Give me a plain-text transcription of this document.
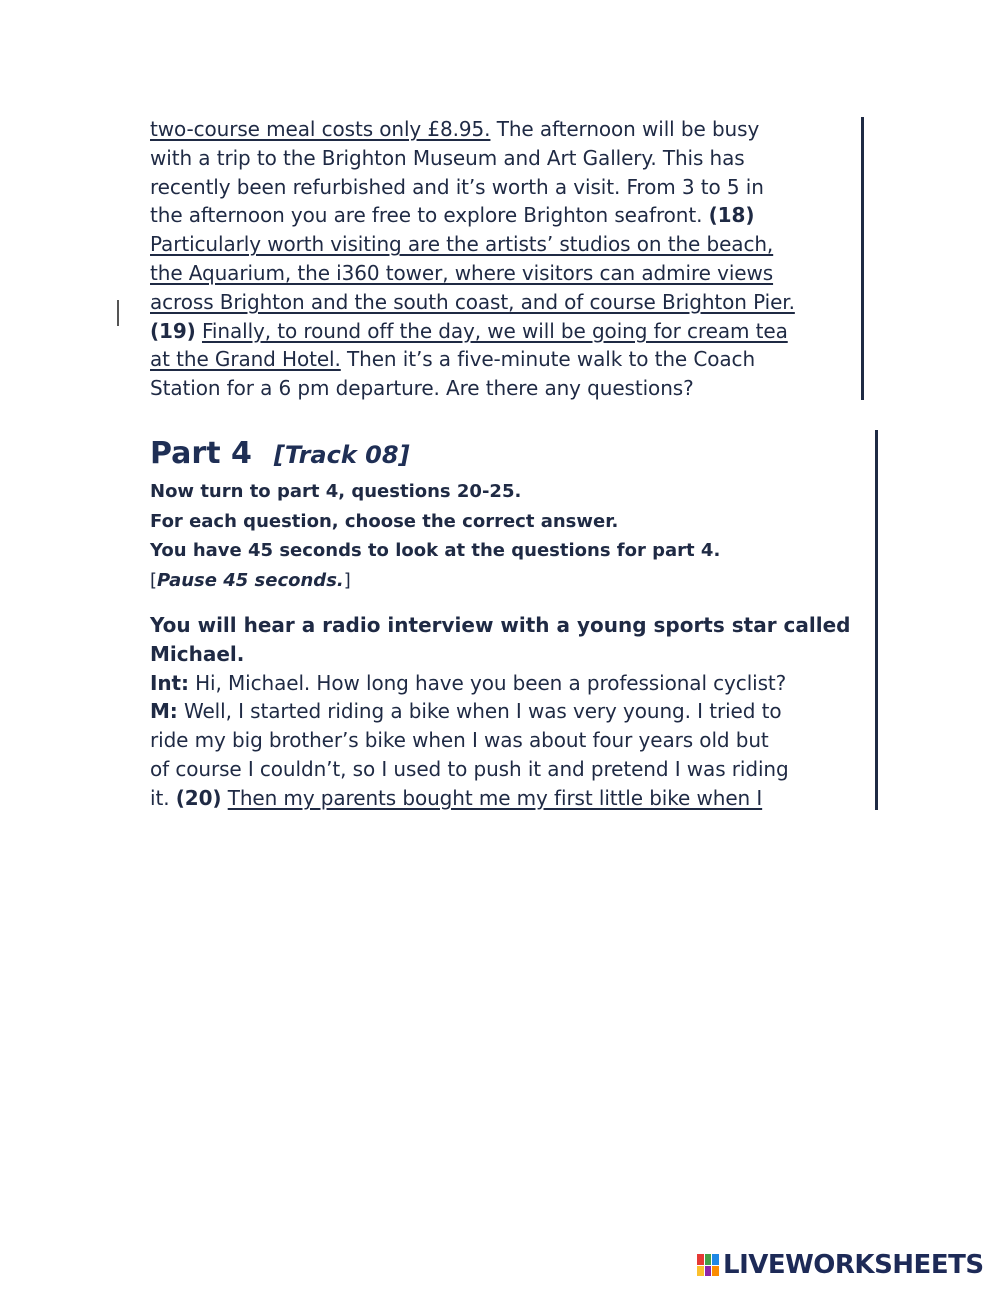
two-course meal costs only £8.95. The afternoon will be busy
with a trip to the Brighton Museum and Art Gallery. This has
recently been refurbished and it’s worth a visit. From 3 to 5 in
the afternoon you are free to explore Brighton seafront. (18)
Particularly worth visiting are the artists’ studios on the beach,
the Aquarium, the i360 tower, where visitors can admire views
across Brighton and the south coast, and of course Brighton Pier.
(19) Finally, to round off the day, we will be going for cream tea
at the Grand Hotel. Then it’s a five-minute walk to the Coach
Station for a 6 pm departure. Are there any questions?
Part 4 [Track 08]
Now turn to part 4, questions 20-25.
For each question, choose the correct answer.
You have 45 seconds to look at the questions for part 4.
[Pause 45 seconds.]
You will hear a radio interview with a young sports star called
Michael.
Int: Hi, Michael. How long have you been a professional cyclist?
M: Well, I started riding a bike when I was very young. I tried to
ride my big brother’s bike when I was about four years old but
of course I couldn’t, so I used to push it and pretend I was riding
it. (20) Then my parents bought me my first little bike when I
LIVEWORKSHEETS
